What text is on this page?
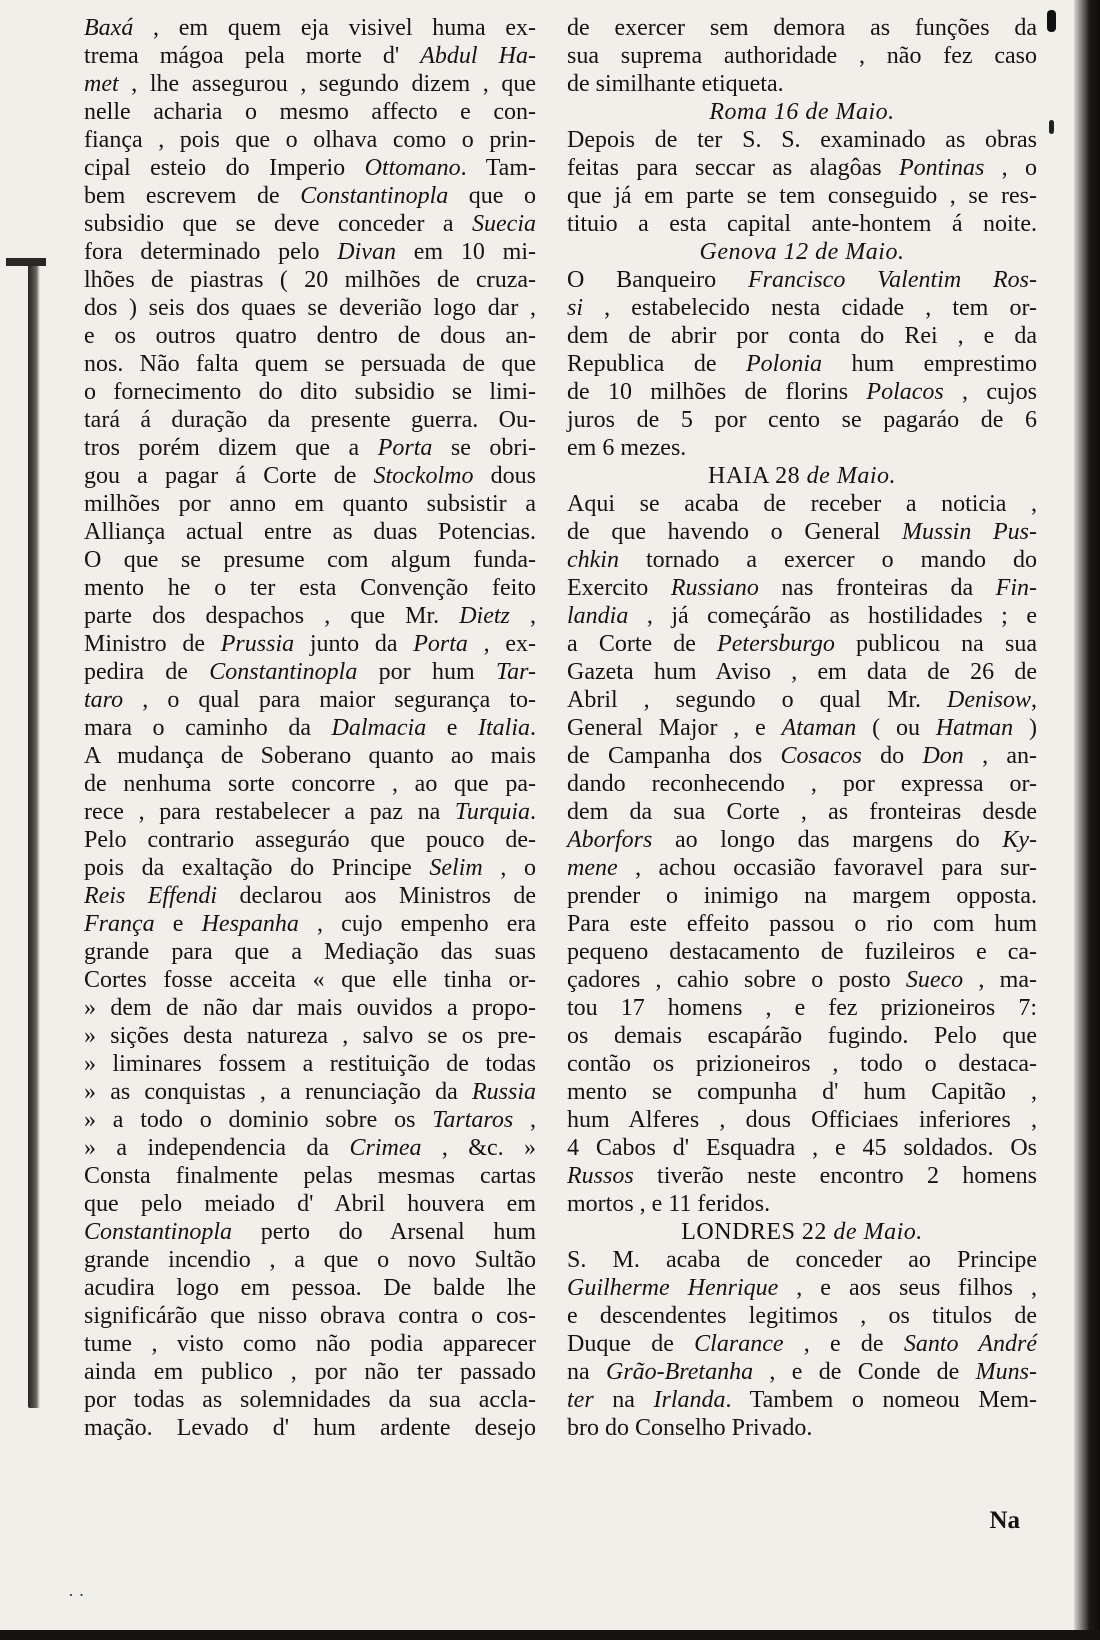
Baxá , em quem eja visivel huma ex-
trema mágoa pela morte d' Abdul Ha-
met , lhe assegurou , segundo dizem , que
nelle acharia o mesmo affecto e con-
fiança , pois que o olhava como o prin-
cipal esteio do Imperio Ottomano. Tam-
bem escrevem de Constantinopla que o
subsidio que se deve conceder a Suecia
fora determinado pelo Divan em 10 mi-
lhões de piastras ( 20 milhões de cruza-
dos ) seis dos quaes se deverião logo dar ,
e os outros quatro dentro de dous an-
nos. Não falta quem se persuada de que
o fornecimento do dito subsidio se limi-
tará á duração da presente guerra. Ou-
tros porém dizem que a Porta se obri-
gou a pagar á Corte de Stockolmo dous
milhões por anno em quanto subsistir a
Alliança actual entre as duas Potencias.
O que se presume com algum funda-
mento he o ter esta Convenção feito
parte dos despachos , que Mr. Dietz ,
Ministro de Prussia junto da Porta , ex-
pedira de Constantinopla por hum Tar-
taro , o qual para maior segurança to-
mara o caminho da Dalmacia e Italia.
A mudança de Soberano quanto ao mais
de nenhuma sorte concorre , ao que pa-
rece , para restabelecer a paz na Turquia.
Pelo contrario asseguráo que pouco de-
pois da exaltação do Principe Selim , o
Reis Effendi declarou aos Ministros de
França e Hespanha , cujo empenho era
grande para que a Mediação das suas
Cortes fosse acceita « que elle tinha or-
» dem de não dar mais ouvidos a propo-
» sições desta natureza , salvo se os pre-
» liminares fossem a restituição de todas
» as conquistas , a renunciação da Russia
» a todo o dominio sobre os Tartaros ,
» a independencia da Crimea , &c. »
Consta finalmente pelas mesmas cartas
que pelo meiado d' Abril houvera em
Constantinopla perto do Arsenal hum
grande incendio , a que o novo Sultão
acudira logo em pessoa. De balde lhe
significárão que nisso obrava contra o cos-
tume , visto como não podia apparecer
ainda em publico , por não ter passado
por todas as solemnidades da sua accla-
mação. Levado d' hum ardente desejo
de exercer sem demora as funções da
sua suprema authoridade , não fez caso
de similhante etiqueta.
Roma 16 de Maio.
Depois de ter S. S. examinado as obras
feitas para seccar as alagôas Pontinas , o
que já em parte se tem conseguido , se res-
tituio a esta capital ante-hontem á noite.
Genova 12 de Maio.
O Banqueiro Francisco Valentim Ros-
si , estabelecido nesta cidade , tem or-
dem de abrir por conta do Rei , e da
Republica de Polonia hum emprestimo
de 10 milhões de florins Polacos , cujos
juros de 5 por cento se pagaráo de 6
em 6 mezes.
HAIA 28 de Maio.
Aqui se acaba de receber a noticia ,
de que havendo o General Mussin Pus-
chkin tornado a exercer o mando do
Exercito Russiano nas fronteiras da Fin-
landia , já começárão as hostilidades ; e
a Corte de Petersburgo publicou na sua
Gazeta hum Aviso , em data de 26 de
Abril , segundo o qual Mr. Denisow,
General Major , e Ataman ( ou Hatman )
de Campanha dos Cosacos do Don , an-
dando reconhecendo , por expressa or-
dem da sua Corte , as fronteiras desde
Aborfors ao longo das margens do Ky-
mene , achou occasião favoravel para sur-
prender o inimigo na margem opposta.
Para este effeito passou o rio com hum
pequeno destacamento de fuzileiros e ca-
çadores , cahio sobre o posto Sueco , ma-
tou 17 homens , e fez prizioneiros 7:
os demais escapárão fugindo. Pelo que
contão os prizioneiros , todo o destaca-
mento se compunha d' hum Capitão ,
hum Alferes , dous Officiaes inferiores ,
4 Cabos d' Esquadra , e 45 soldados. Os
Russos tiverão neste encontro 2 homens
mortos , e 11 feridos.
LONDRES 22 de Maio.
S. M. acaba de conceder ao Principe
Guilherme Henrique , e aos seus filhos ,
e descendentes legitimos , os titulos de
Duque de Clarance , e de Santo André
na Grão-Bretanha , e de Conde de Muns-
ter na Irlanda. Tambem o nomeou Mem-
bro do Conselho Privado.
Na
· ·
